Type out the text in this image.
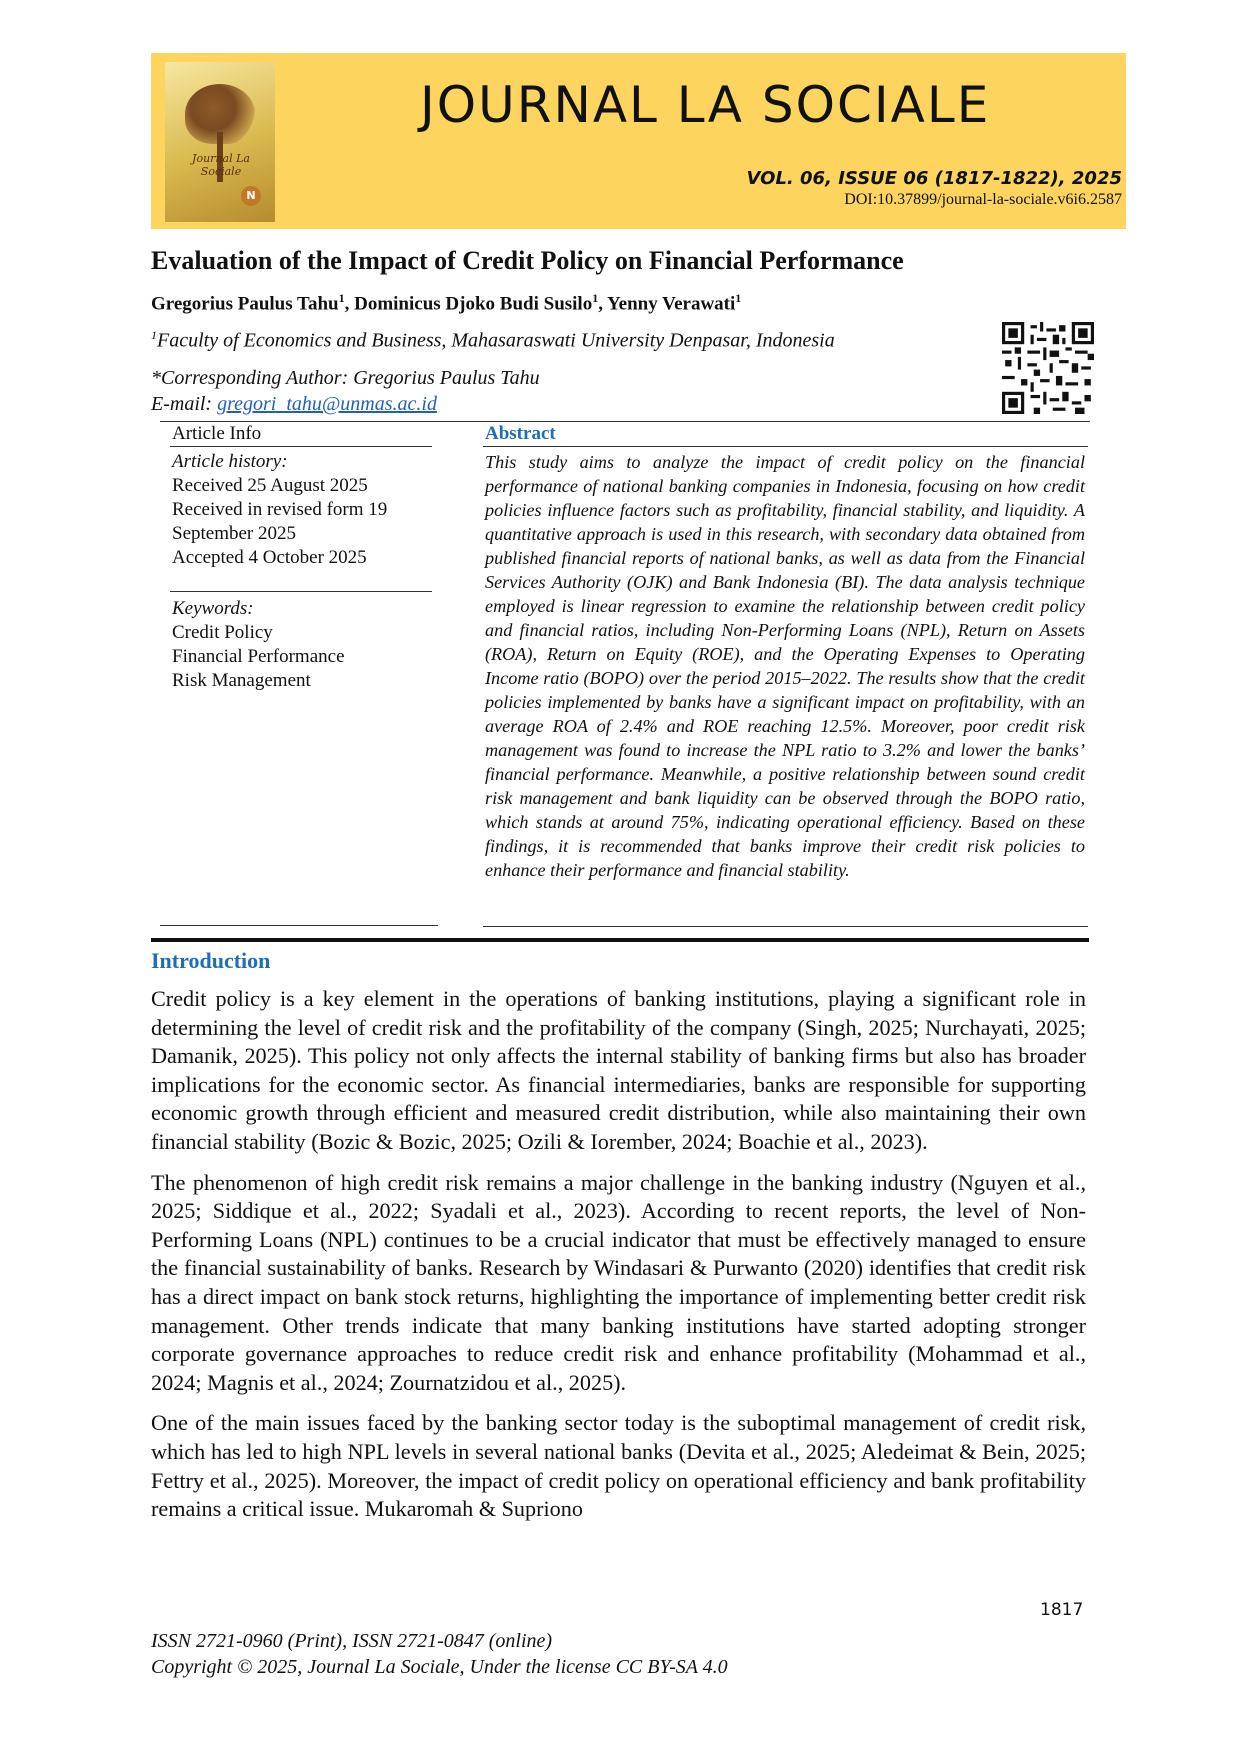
Journal La Sociale
N
JOURNAL LA SOCIALE
VOL. 06, ISSUE 06 (1817-1822), 2025
DOI:10.37899/journal-la-sociale.v6i6.2587
Evaluation of the Impact of Credit Policy on Financial Performance
Gregorius Paulus Tahu$^1$, Dominicus Djoko Budi Susilo$^1$, Yenny Verawati$^1$
$^1$Faculty of Economics and Business, Mahasaraswati University Denpasar, Indonesia
*Corresponding Author: Gregorius Paulus Tahu
E-mail: gregori_tahu@unmas.ac.id
Article Info
Article history:
Received 25 August 2025
Received in revised form 19
September 2025
Accepted 4 October 2025
Keywords:
Credit Policy
Financial Performance
Risk Management
Abstract
This study aims to analyze the impact of credit policy on the financial performance of national banking companies in Indonesia, focusing on how credit policies influence factors such as profitability, financial stability, and liquidity. A quantitative approach is used in this research, with secondary data obtained from published financial reports of national banks, as well as data from the Financial Services Authority (OJK) and Bank Indonesia (BI). The data analysis technique employed is linear regression to examine the relationship between credit policy and financial ratios, including Non-Performing Loans (NPL), Return on Assets (ROA), Return on Equity (ROE), and the Operating Expenses to Operating Income ratio (BOPO) over the period 2015–2022. The results show that the credit policies implemented by banks have a significant impact on profitability, with an average ROA of 2.4% and ROE reaching 12.5%. Moreover, poor credit risk management was found to increase the NPL ratio to 3.2% and lower the banks’ financial performance. Meanwhile, a positive relationship between sound credit risk management and bank liquidity can be observed through the BOPO ratio, which stands at around 75%, indicating operational efficiency. Based on these findings, it is recommended that banks improve their credit risk policies to enhance their performance and financial stability.
Introduction

Credit policy is a key element in the operations of banking institutions, playing a significant role in determining the level of credit risk and the profitability of the company (Singh, 2025; Nurchayati, 2025; Damanik, 2025). This policy not only affects the internal stability of banking firms but also has broader implications for the economic sector. As financial intermediaries, banks are responsible for supporting economic growth through efficient and measured credit distribution, while also maintaining their own financial stability (Bozic & Bozic, 2025; Ozili & Iorember, 2024; Boachie et al., 2023).

The phenomenon of high credit risk remains a major challenge in the banking industry (Nguyen et al., 2025; Siddique et al., 2022; Syadali et al., 2023). According to recent reports, the level of Non-Performing Loans (NPL) continues to be a crucial indicator that must be effectively managed to ensure the financial sustainability of banks. Research by Windasari & Purwanto (2020) identifies that credit risk has a direct impact on bank stock returns, highlighting the importance of implementing better credit risk management. Other trends indicate that many banking institutions have started adopting stronger corporate governance approaches to reduce credit risk and enhance profitability (Mohammad et al., 2024; Magnis et al., 2024; Zournatzidou et al., 2025).

One of the main issues faced by the banking sector today is the suboptimal management of credit risk, which has led to high NPL levels in several national banks (Devita et al., 2025; Aledeimat & Bein, 2025; Fettry et al., 2025). Moreover, the impact of credit policy on operational efficiency and bank profitability remains a critical issue. Mukaromah & Supriono

1817
ISSN 2721-0960 (Print), ISSN 2721-0847 (online)
Copyright © 2025, Journal La Sociale, Under the license CC BY-SA 4.0
